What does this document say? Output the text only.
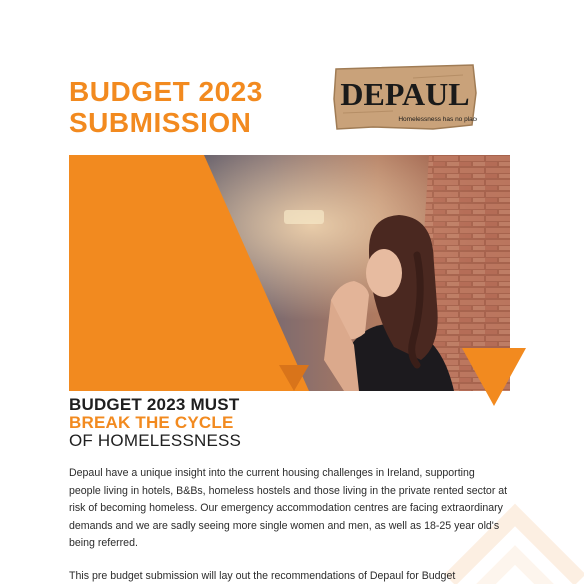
BUDGET 2023
SUBMISSION
DEPAUL
Homelessness has no place
BUDGET 2023 MUST
BREAK THE CYCLE
OF HOMELESSNESS

Depaul have a unique insight into the current housing challenges in Ireland, supporting people living in hotels, B&Bs, homeless hostels and those living in the private rented sector at risk of becoming homeless. Our emergency accommodation centres are facing extraordinary demands and we are sadly seeing more single women and men, as well as 18-25 year old's being referred.

This pre budget submission will lay out the recommendations of Depaul for Budget
